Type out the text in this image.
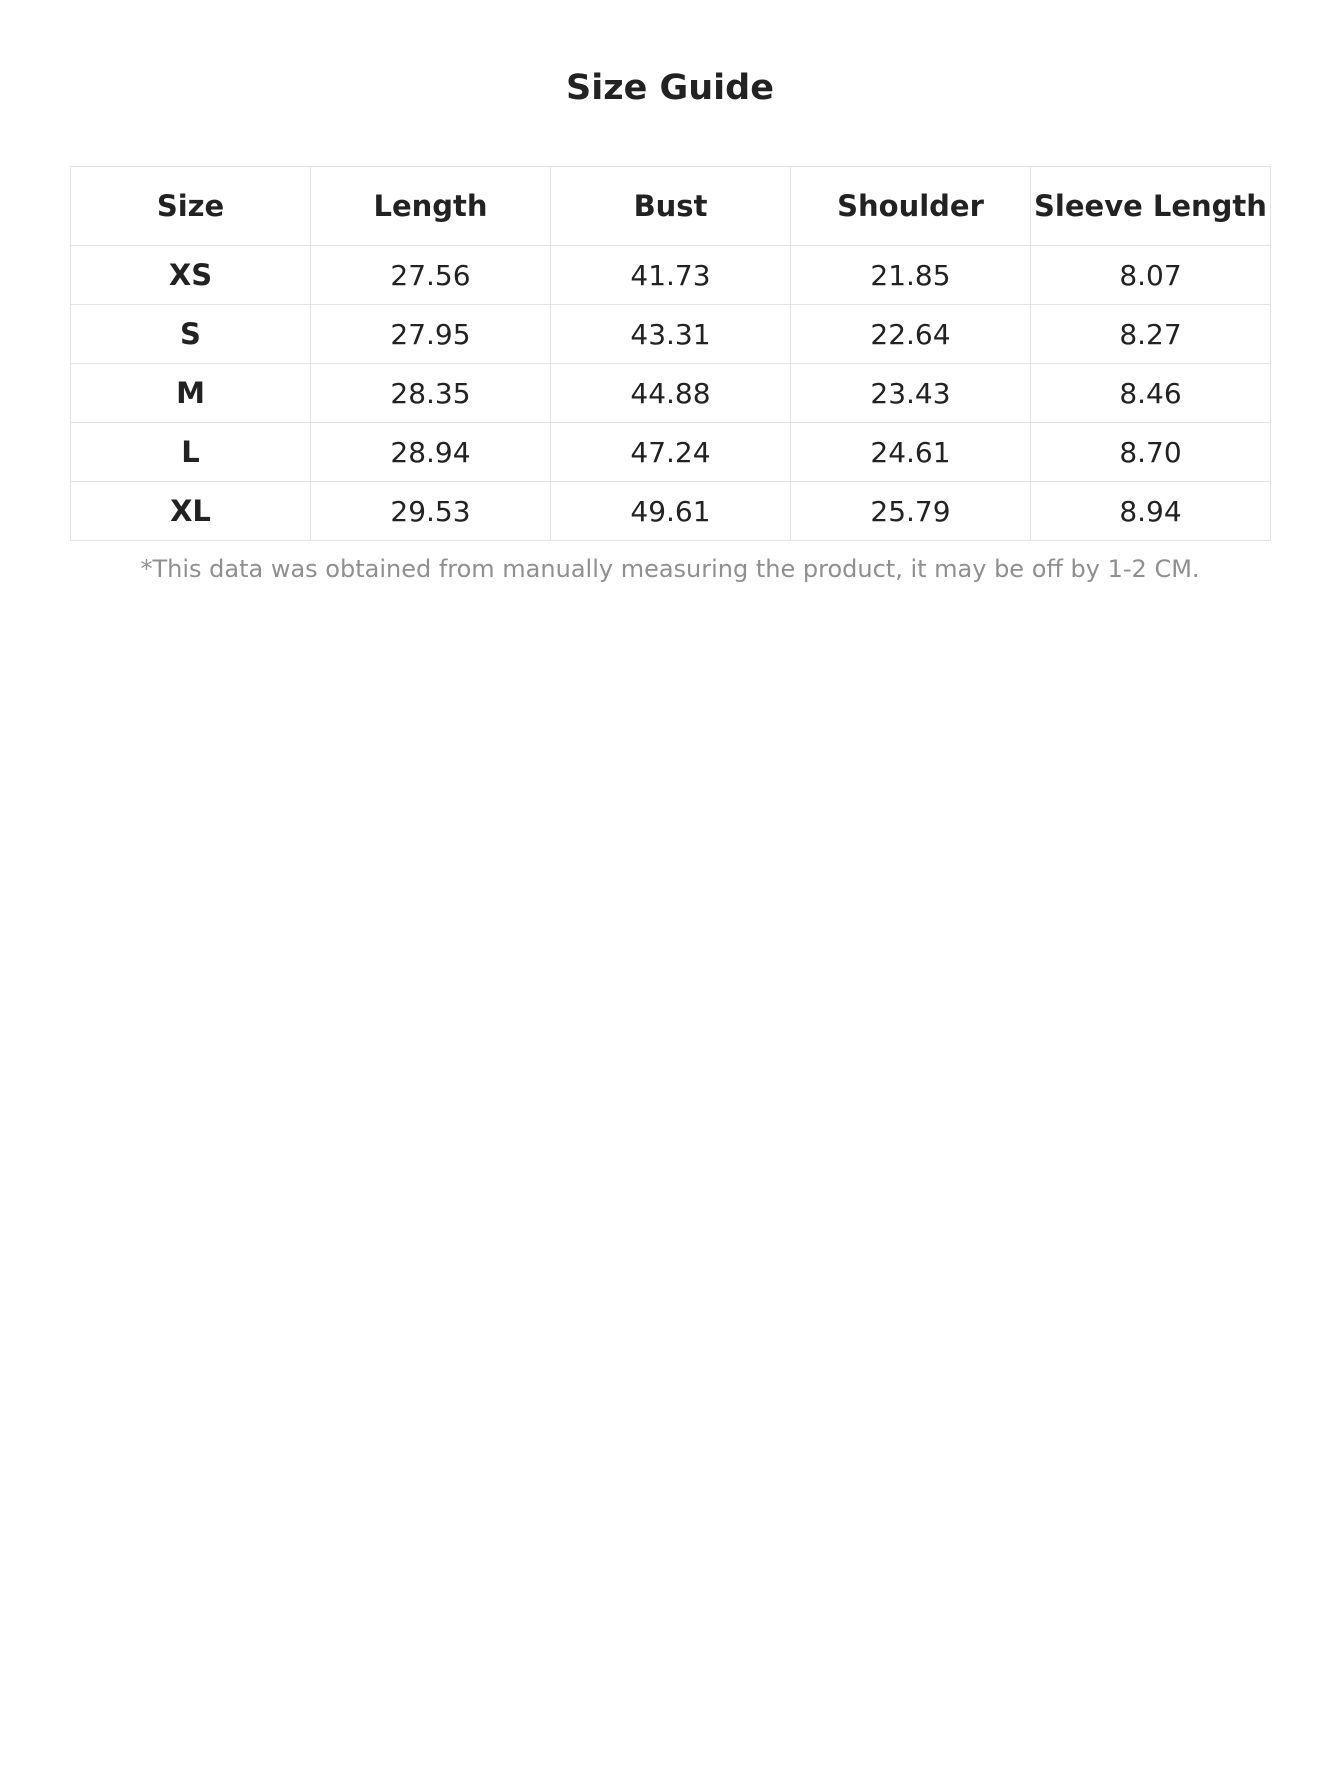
Size Guide
Size	Length	Bust	Shoulder	Sleeve Length
XS	27.56	41.73	21.85	8.07
S	27.95	43.31	22.64	8.27
M	28.35	44.88	23.43	8.46
L	28.94	47.24	24.61	8.70
XL	29.53	49.61	25.79	8.94

*This data was obtained from manually measuring the product, it may be off by 1-2 CM.
